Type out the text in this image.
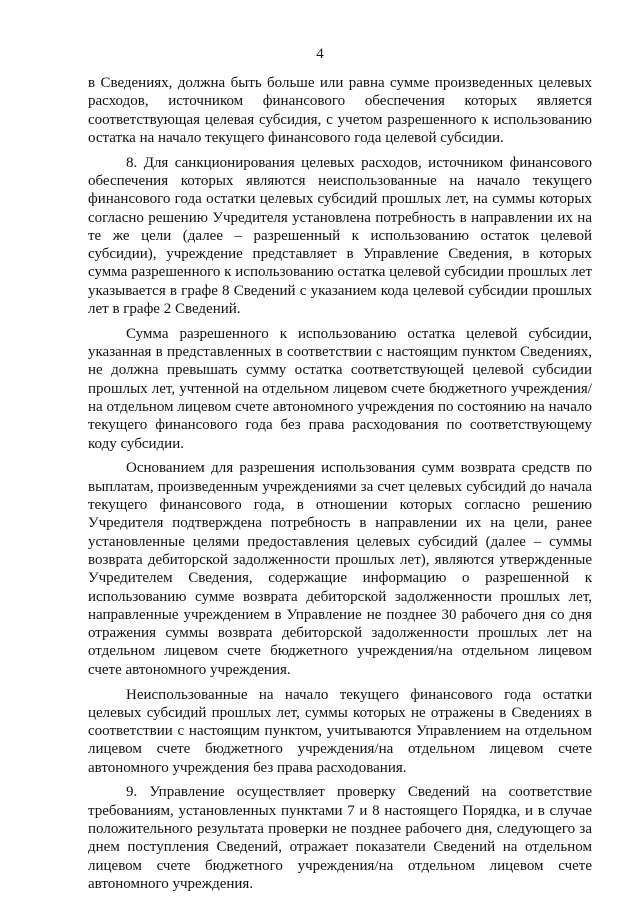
4

в Сведениях, должна быть больше или равна сумме произведенных целевых расходов, источником финансового обеспечения которых является соответствующая целевая субсидия, с учетом разрешенного к использованию остатка на начало текущего финансового года целевой субсидии.

8. Для санкционирования целевых расходов, источником финансового обеспечения которых являются неиспользованные на начало текущего финансового года остатки целевых субсидий прошлых лет, на суммы которых согласно решению Учредителя установлена потребность в направлении их на те же цели (далее – разрешенный к использованию остаток целевой субсидии), учреждение представляет в Управление Сведения, в которых сумма разрешенного к использованию остатка целевой субсидии прошлых лет указывается в графе 8 Сведений с указанием кода целевой субсидии прошлых лет в графе 2 Сведений.

Сумма разрешенного к использованию остатка целевой субсидии, указанная в представленных в соответствии с настоящим пунктом Сведениях, не должна превышать сумму остатка соответствующей целевой субсидии прошлых лет, учтенной на отдельном лицевом счете бюджетного учреждения/на отдельном лицевом счете автономного учреждения по состоянию на начало текущего финансового года без права расходования по соответствующему коду субсидии.

Основанием для разрешения использования сумм возврата средств по выплатам, произведенным учреждениями за счет целевых субсидий до начала текущего финансового года, в отношении которых согласно решению Учредителя подтверждена потребность в направлении их на цели, ранее установленные целями предоставления целевых субсидий (далее – суммы возврата дебиторской задолженности прошлых лет), являются утвержденные Учредителем Сведения, содержащие информацию о разрешенной к использованию сумме возврата дебиторской задолженности прошлых лет, направленные учреждением в Управление не позднее 30 рабочего дня со дня отражения суммы возврата дебиторской задолженности прошлых лет на отдельном лицевом счете бюджетного учреждения/на отдельном лицевом счете автономного учреждения.

Неиспользованные на начало текущего финансового года остатки целевых субсидий прошлых лет, суммы которых не отражены в Сведениях в соответствии с настоящим пунктом, учитываются Управлением на отдельном лицевом счете бюджетного учреждения/на отдельном лицевом счете автономного учреждения без права расходования.

9. Управление осуществляет проверку Сведений на соответствие требованиям, установленных пунктами 7 и 8 настоящего Порядка, и в случае положительного результата проверки не позднее рабочего дня, следующего за днем поступления Сведений, отражает показатели Сведений на отдельном лицевом счете бюджетного учреждения/на отдельном лицевом счете автономного учреждения.
